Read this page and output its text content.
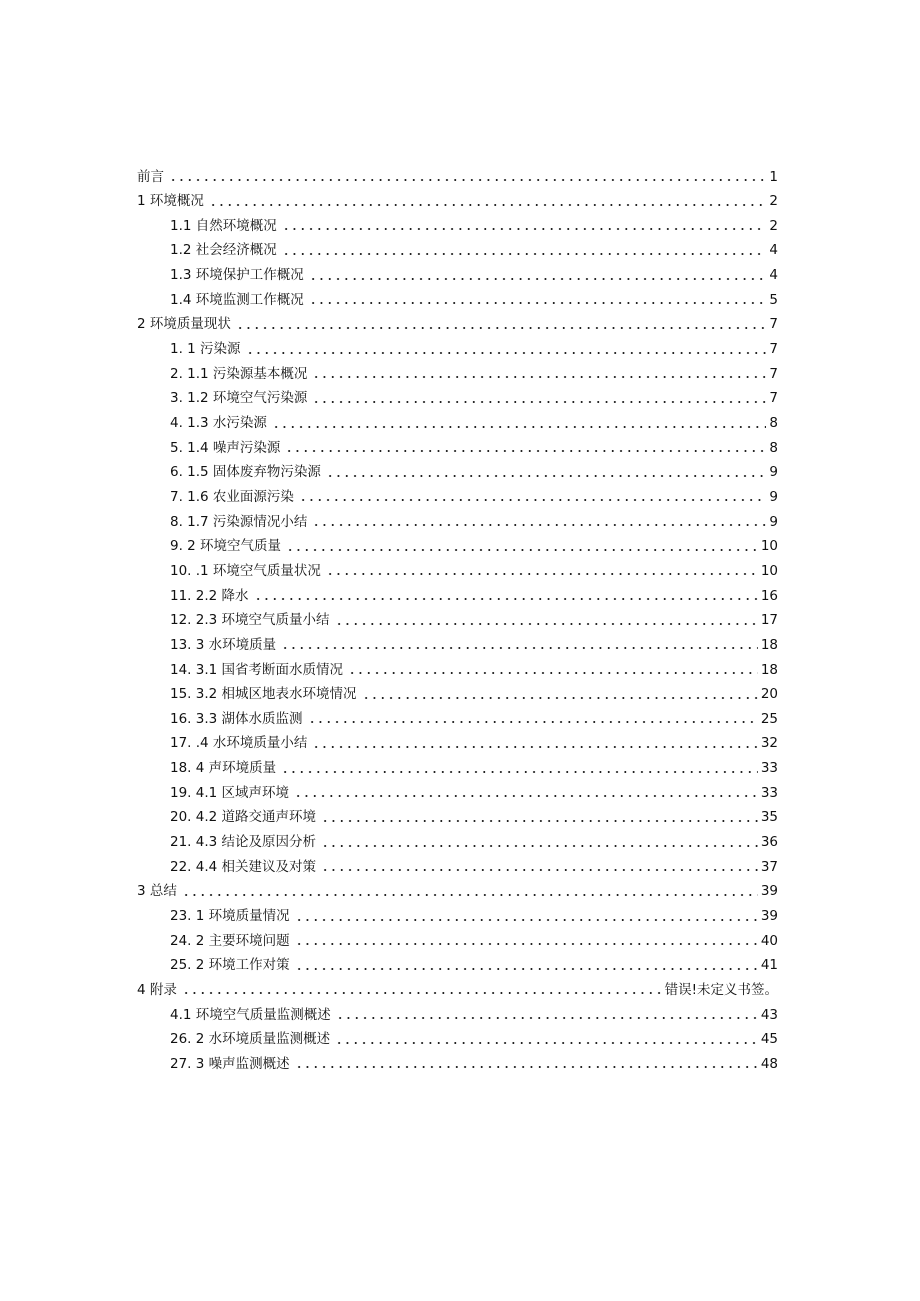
前言	1
1 环境概况	2
1.1 自然环境概况	2
1.2 社会经济概况	4
1.3 环境保护工作概况	4
1.4 环境监测工作概况	5
2 环境质量现状	7
1. 1 污染源	7
2. 1.1 污染源基本概况	7
3. 1.2 环境空气污染源	7
4. 1.3 水污染源	8
5. 1.4 噪声污染源	8
6. 1.5 固体废弃物污染源	9
7. 1.6 农业面源污染	9
8. 1.7 污染源情况小结	9
9. 2 环境空气质量	10
10. .1 环境空气质量状况	10
11. 2.2 降水	16
12. 2.3 环境空气质量小结	17
13. 3 水环境质量	18
14. 3.1 国省考断面水质情况	18
15. 3.2 相城区地表水环境情况	20
16. 3.3 湖体水质监测	25
17. .4 水环境质量小结	32
18. 4 声环境质量	33
19. 4.1 区域声环境	33
20. 4.2 道路交通声环境	35
21. 4.3 结论及原因分析	36
22. 4.4 相关建议及对策	37
3 总结	39
23. 1 环境质量情况	39
24. 2 主要环境问题	40
25. 2 环境工作对策	41
4 附录	错误!未定义书签。
4.1 环境空气质量监测概述	43
26. 2 水环境质量监测概述	45
27. 3 噪声监测概述	48
